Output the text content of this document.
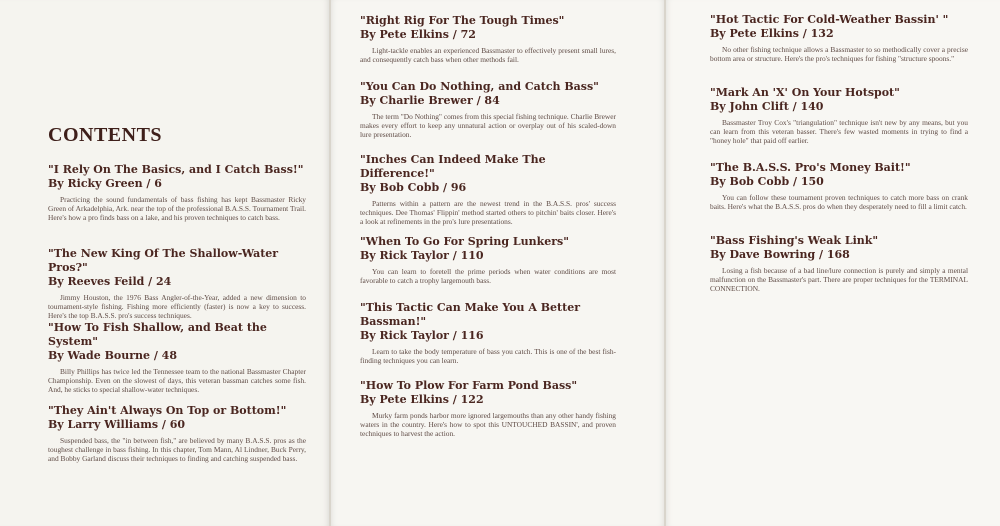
CONTENTS

"I Rely On The Basics, and I Catch Bass!"

By Ricky Green / 6

Practicing the sound fundamentals of bass fishing has kept Bassmaster Ricky Green of Arkadelphia, Ark. near the top of the professional B.A.S.S. Tournament Trail. Here's how a pro finds bass on a lake, and his proven techniques to catch bass.

"The New King Of The Shallow-Water Pros?"

By Reeves Feild / 24

Jimmy Houston, the 1976 Bass Angler-of-the-Year, added a new dimension to tournament-style fishing. Fishing more efficiently (faster) is now a key to success. Here's the top B.A.S.S. pro's success techniques.

"How To Fish Shallow, and Beat the System"

By Wade Bourne / 48

Billy Phillips has twice led the Tennessee team to the national Bassmaster Chapter Championship. Even on the slowest of days, this veteran bassman catches some fish. And, he sticks to special shallow-water techniques.

"They Ain't Always On Top or Bottom!"

By Larry Williams / 60

Suspended bass, the "in between fish," are believed by many B.A.S.S. pros as the toughest challenge in bass fishing. In this chapter, Tom Mann, Al Lindner, Buck Perry, and Bobby Garland discuss their techniques to finding and catching suspended bass.

"Right Rig For The Tough Times"

By Pete Elkins / 72

Light-tackle enables an experienced Bassmaster to effectively present small lures, and consequently catch bass when other methods fail.

"You Can Do Nothing, and Catch Bass"

By Charlie Brewer / 84

The term "Do Nothing" comes from this special fishing technique. Charlie Brewer makes every effort to keep any unnatural action or overplay out of his scaled-down lure presentation.

"Inches Can Indeed Make The Difference!"

By Bob Cobb / 96

Patterns within a pattern are the newest trend in the B.A.S.S. pros' success techniques. Dee Thomas' Flippin' method started others to pitchin' baits closer. Here's a look at refinements in the pro's lure presentations.

"When To Go For Spring Lunkers"

By Rick Taylor / 110

You can learn to foretell the prime periods when water conditions are most favorable to catch a trophy largemouth bass.

"This Tactic Can Make You A Better Bassman!"

By Rick Taylor / 116

Learn to take the body temperature of bass you catch. This is one of the best fish-finding techniques you can learn.

"How To Plow For Farm Pond Bass"

By Pete Elkins / 122

Murky farm ponds harbor more ignored largemouths than any other handy fishing waters in the country. Here's how to spot this UNTOUCHED BASSIN', and proven techniques to harvest the action.

"Hot Tactic For Cold-Weather Bassin' "

By Pete Elkins / 132

No other fishing technique allows a Bassmaster to so methodically cover a precise bottom area or structure. Here's the pro's techniques for fishing "structure spoons."

"Mark An 'X' On Your Hotspot"

By John Clift / 140

Bassmaster Troy Cox's "triangulation" technique isn't new by any means, but you can learn from this veteran basser. There's few wasted moments in trying to find a "honey hole" that paid off earlier.

"The B.A.S.S. Pro's Money Bait!"

By Bob Cobb / 150

You can follow these tournament proven techniques to catch more bass on crank baits. Here's what the B.A.S.S. pros do when they desperately need to fill a limit catch.

"Bass Fishing's Weak Link"

By Dave Bowring / 168

Losing a fish because of a bad line/lure connection is purely and simply a mental malfunction on the Bassmaster's part. There are proper techniques for the TERMINAL CONNECTION.
